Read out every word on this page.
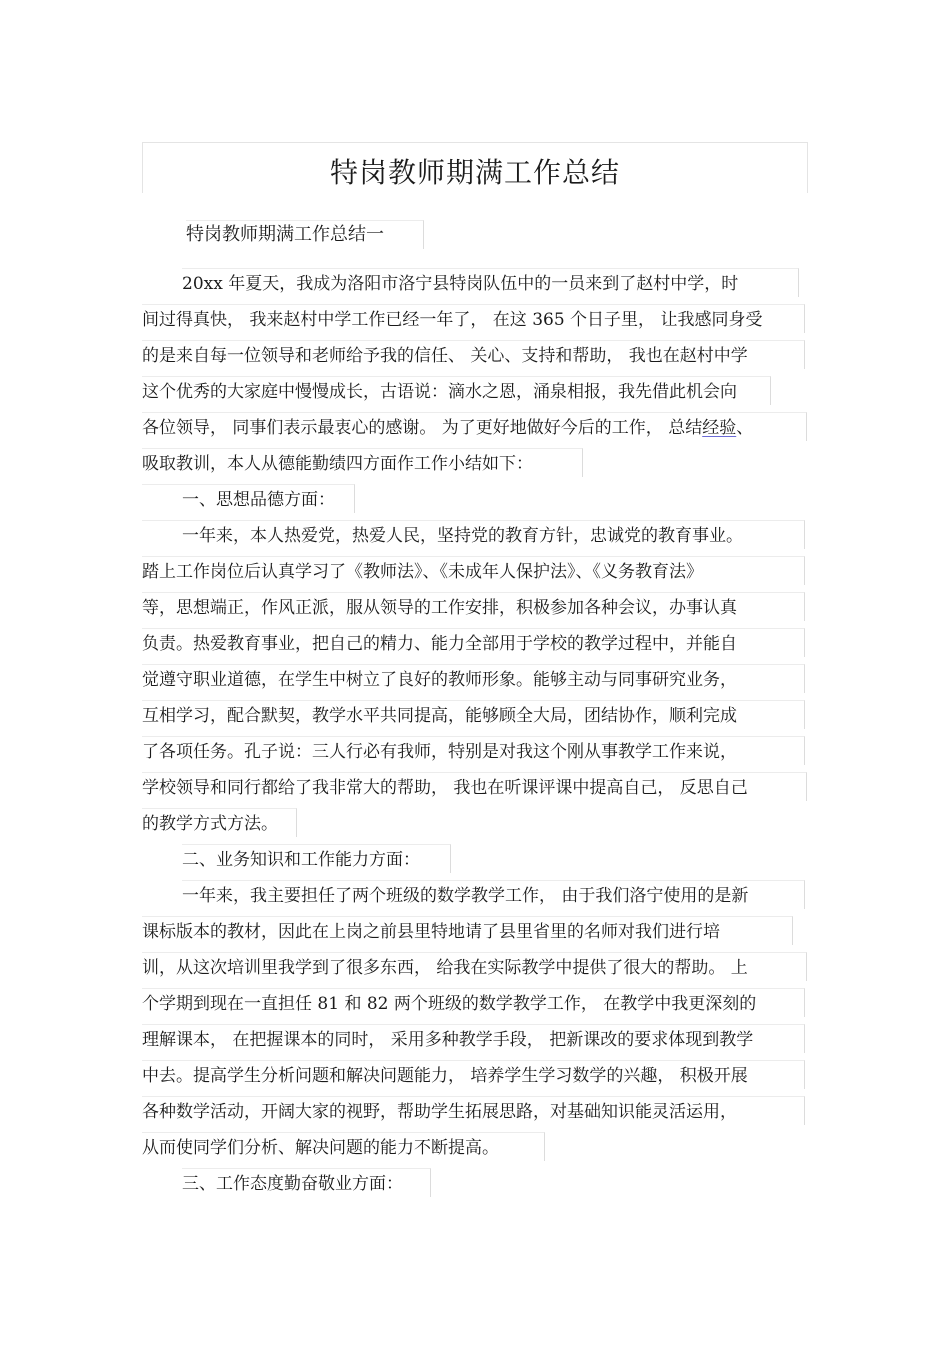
特岗教师期满工作总结
特岗教师期满工作总结一
20xx 年夏天，我成为洛阳市洛宁县特岗队伍中的一员来到了赵村中学，时
间过得真快， 我来赵村中学工作已经一年了， 在这 365 个日子里， 让我感同身受
的是来自每一位领导和老师给予我的信任、 关心、支持和帮助， 我也在赵村中学
这个优秀的大家庭中慢慢成长，古语说：滴水之恩，涌泉相报，我先借此机会向
各位领导， 同事们表示最衷心的感谢。 为了更好地做好今后的工作， 总结经验、
吸取教训，本人从德能勤绩四方面作工作小结如下：
一、思想品德方面：
一年来，本人热爱党，热爱人民，坚持党的教育方针，忠诚党的教育事业。
踏上工作岗位后认真学习了《教师法》、《未成年人保护法》、《义务教育法》
等，思想端正，作风正派，服从领导的工作安排，积极参加各种会议，办事认真
负责。热爱教育事业，把自己的精力、能力全部用于学校的教学过程中，并能自
觉遵守职业道德，在学生中树立了良好的教师形象。能够主动与同事研究业务，
互相学习，配合默契，教学水平共同提高，能够顾全大局，团结协作，顺利完成
了各项任务。孔子说：三人行必有我师，特别是对我这个刚从事教学工作来说，
学校领导和同行都给了我非常大的帮助， 我也在听课评课中提高自己， 反思自己
的教学方式方法。
二、业务知识和工作能力方面：
一年来，我主要担任了两个班级的数学教学工作， 由于我们洛宁使用的是新
课标版本的教材，因此在上岗之前县里特地请了县里省里的名师对我们进行培
训，从这次培训里我学到了很多东西， 给我在实际教学中提供了很大的帮助。 上
个学期到现在一直担任 81 和 82 两个班级的数学教学工作， 在教学中我更深刻的
理解课本， 在把握课本的同时， 采用多种教学手段， 把新课改的要求体现到教学
中去。提高学生分析问题和解决问题能力， 培养学生学习数学的兴趣， 积极开展
各种数学活动，开阔大家的视野，帮助学生拓展思路，对基础知识能灵活运用，
从而使同学们分析、解决问题的能力不断提高。
三、工作态度勤奋敬业方面：
